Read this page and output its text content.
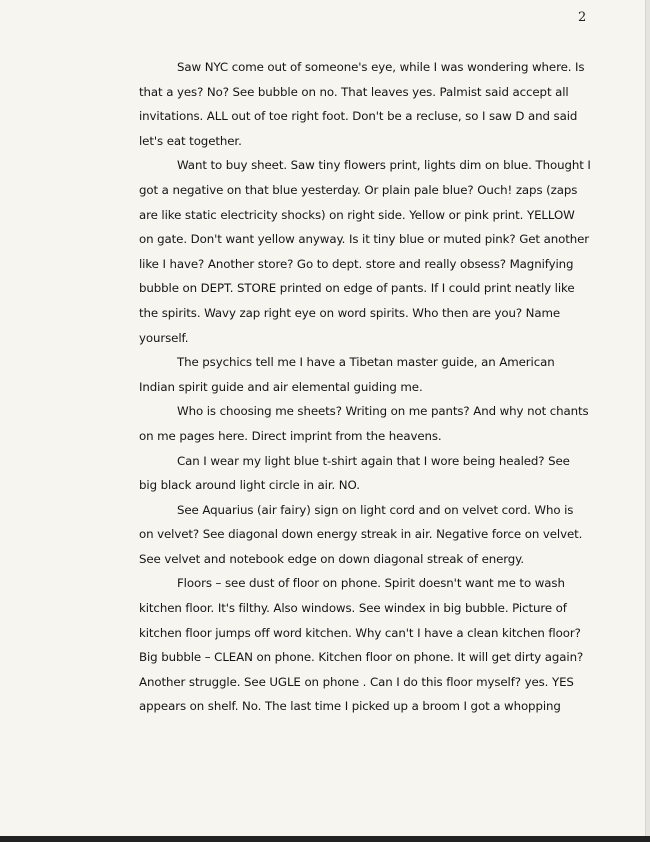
2

Saw NYC come out of someone's eye, while I was wondering where. Is that a yes? No? See bubble on no. That leaves yes. Palmist said accept all invitations. ALL out of toe right foot. Don't be a recluse, so I saw D and said let's eat together.

Want to buy sheet. Saw tiny flowers print, lights dim on blue. Thought I got a negative on that blue yesterday. Or plain pale blue? Ouch! zaps (zaps are like static electricity shocks) on right side. Yellow or pink print. YELLOW on gate. Don't want yellow anyway. Is it tiny blue or muted pink? Get another like I have? Another store? Go to dept. store and really obsess? Magnifying bubble on DEPT. STORE printed on edge of pants. If I could print neatly like the spirits. Wavy zap right eye on word spirits. Who then are you? Name yourself.

The psychics tell me I have a Tibetan master guide, an American Indian spirit guide and air elemental guiding me.

Who is choosing me sheets? Writing on me pants? And why not chants on me pages here. Direct imprint from the heavens.

Can I wear my light blue t-shirt again that I wore being healed? See big black around light circle in air. NO.

See Aquarius (air fairy) sign on light cord and on velvet cord. Who is on velvet? See diagonal down energy streak in air. Negative force on velvet. See velvet and notebook edge on down diagonal streak of energy.

Floors – see dust of floor on phone. Spirit doesn't want me to wash kitchen floor. It's filthy. Also windows. See windex in big bubble. Picture of kitchen floor jumps off word kitchen. Why can't I have a clean kitchen floor? Big bubble – CLEAN on phone. Kitchen floor on phone. It will get dirty again? Another struggle. See UGLE on phone . Can I do this floor myself? yes. YES appears on shelf. No. The last time I picked up a broom I got a whopping
